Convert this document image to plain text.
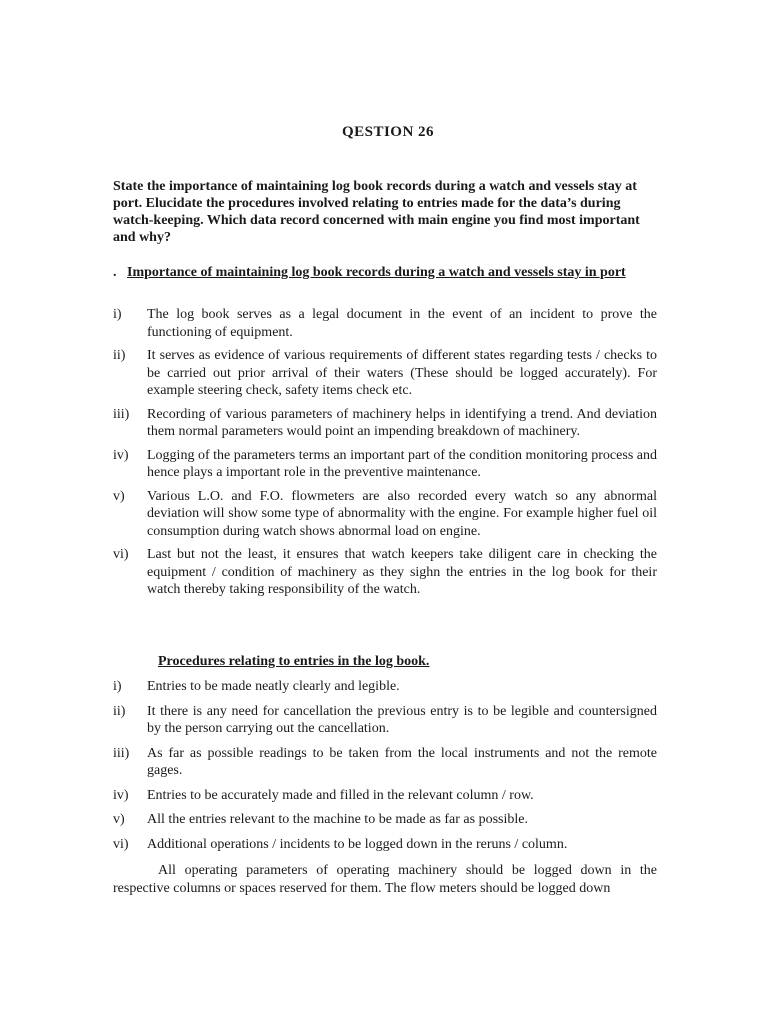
QESTION 26
State the importance of maintaining log book records during a watch and vessels stay at port. Elucidate the procedures involved relating to entries made for the data’s during watch-keeping. Which data record concerned with main engine you find most important and why?
. Importance of maintaining log book records during a watch and vessels stay in port
i)	The log book serves as a legal document in the event of an incident to prove the functioning of equipment.
ii)	It serves as evidence of various requirements of different states regarding tests / checks to be carried out prior arrival of their waters (These should be logged accurately). For example steering check, safety items check etc.
iii)	Recording of various parameters of machinery helps in identifying a trend. And deviation them normal parameters would point an impending breakdown of machinery.
iv)	Logging of the parameters terms an important part of the condition monitoring process and hence plays a important role in the preventive maintenance.
v)	Various L.O. and F.O. flowmeters are also recorded every watch so any abnormal deviation will show some type of abnormality with the engine. For example higher fuel oil consumption during watch shows abnormal load on engine.
vi)	Last but not the least, it ensures that watch keepers take diligent care in checking the equipment / condition of machinery as they sighn the entries in the log book for their watch thereby taking responsibility of the watch.
Procedures relating to entries in the log book.
i)	Entries to be made neatly clearly and legible.
ii)	It there is any need for cancellation the previous entry is to be legible and countersigned by the person carrying out the cancellation.
iii)	As far as possible readings to be taken from the local instruments and not the remote gages.
iv)	Entries to be accurately made and filled in the relevant column / row.
v)	All the entries relevant to the machine to be made as far as possible.
vi)	Additional operations / incidents to be logged down in the reruns / column.
All operating parameters of operating machinery should be logged down in the respective columns or spaces reserved for them. The flow meters should be logged down
